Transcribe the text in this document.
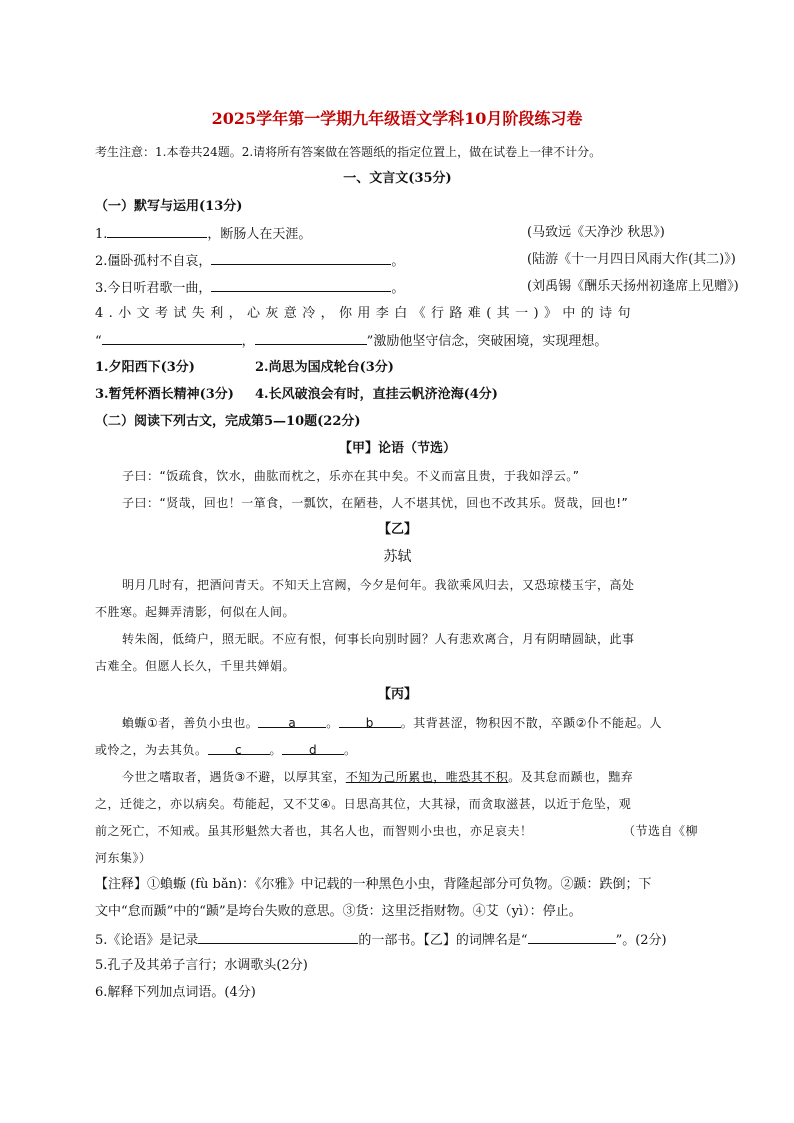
2025学年第一学期九年级语文学科10月阶段练习卷
考生注意：1.本卷共24题。2.请将所有答案做在答题纸的指定位置上，做在试卷上一律不计分。
一、文言文(35分)
（一）默写与运用(13分)
1.	，断肠人在天涯。	(马致远《天净沙 秋思》)
2.僵卧孤村不自哀，	。	(陆游《十一月四日风雨大作(其二)》)
3.今日听君歌一曲，	。	(刘禹锡《酬乐天扬州初逢席上见赠》)
4.小文考试失利，心灰意冷，你用李白《行路难(其一)》中的诗句
“	，	”激励他坚守信念，突破困境，实现理想。
1.夕阳西下(3分)	2.尚思为国戍轮台(3分)
3.暂凭杯酒长精神(3分) 4.长风破浪会有时，直挂云帆济沧海(4分)
（二）阅读下列古文，完成第5—10题(22分)
【甲】论语（节选）
子曰：“饭疏食，饮水，曲肱而枕之，乐亦在其中矣。不义而富且贵，于我如浮云。”
子曰：“贤哉，回也！一箪食，一瓢饮，在陋巷，人不堪其忧，回也不改其乐。贤哉，回也!”
【乙】
苏轼
明月几时有，把酒问青天。不知天上宫阙，今夕是何年。我欲乘风归去，又恐琼楼玉宇，高处
不胜寒。起舞弄清影，何似在人间。
转朱阁，低绮户，照无眠。不应有恨，何事长向别时圆？人有悲欢离合，月有阴晴圆缺，此事
古难全。但愿人长久，千里共婵娟。
【丙】
蝜蝂①者，善负小虫也。	a	。 b 。其背甚涩，物积因不散，卒踬②仆不能起。人
或怜之，为去其负。 c 。 d 。
今世之嗜取者，遇货③不避，以厚其室，不知为己所累也，唯恐其不积。及其怠而踬也，黜弃
之，迁徙之，亦以病矣。苟能起，又不艾④。日思高其位，大其禄，而贪取滋甚，以近于危坠，观
前之死亡，不知戒。虽其形魁然大者也，其名人也，而智则小虫也，亦足哀夫！	（节选自《柳
河东集》）
【注释】①蝜蝂 (fù bǎn)：《尔雅》中记载的一种黑色小虫，背隆起部分可负物。②踬：跌倒；下
文中“怠而踬”中的“踬”是垮台失败的意思。③货：这里泛指财物。④艾（yì）：停止。
5.《论语》是记录	的一部书。【乙】的词牌名是“	”。(2分)
5.孔子及其弟子言行；水调歌头(2分)
6.解释下列加点词语。(4分)
